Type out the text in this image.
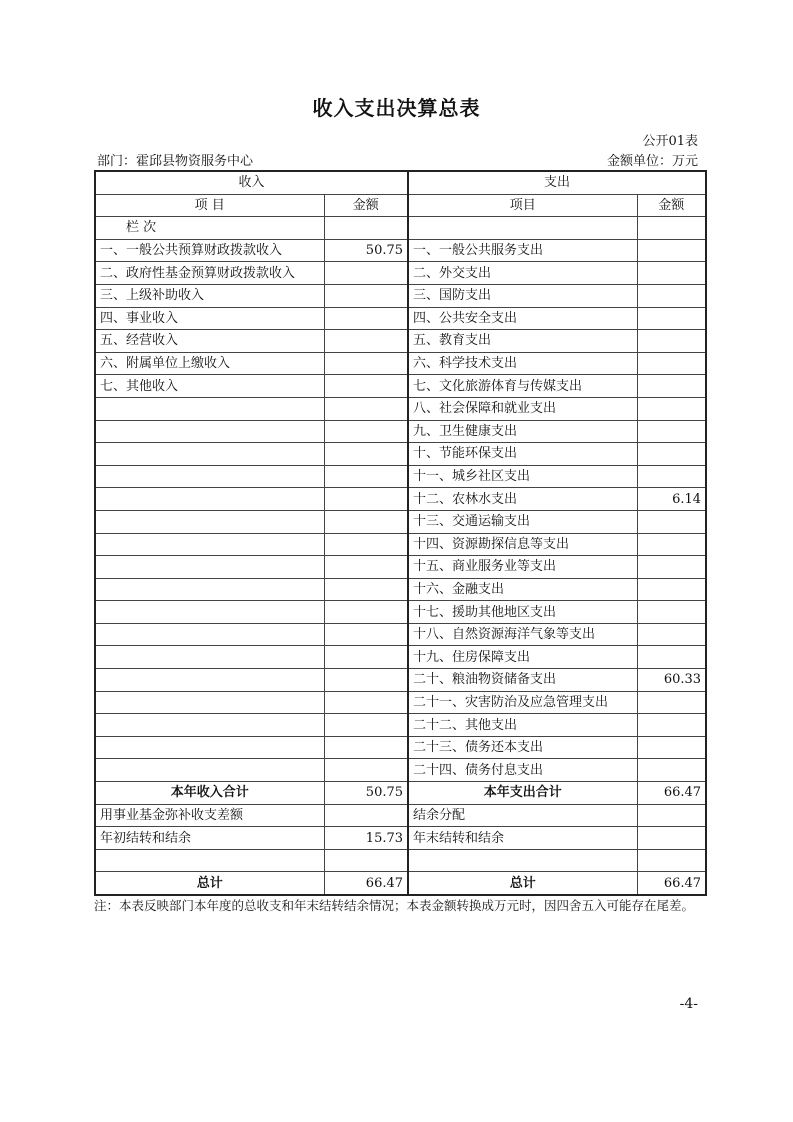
收入支出决算总表
公开01表
部门：霍邱县物资服务中心	金额单位：万元
收入		支出	
项 目	金额	项目	金额
栏 次			
一、一般公共预算财政拨款收入	50.75	一、一般公共服务支出	
二、政府性基金预算财政拨款收入		二、外交支出	
三、上级补助收入		三、国防支出	
四、事业收入		四、公共安全支出	
五、经营收入		五、教育支出	
六、附属单位上缴收入		六、科学技术支出	
七、其他收入		七、文化旅游体育与传媒支出	
		八、社会保障和就业支出	
		九、卫生健康支出	
		十、节能环保支出	
		十一、城乡社区支出	
		十二、农林水支出	6.14
		十三、交通运输支出	
		十四、资源勘探信息等支出	
		十五、商业服务业等支出	
		十六、金融支出	
		十七、援助其他地区支出	
		十八、自然资源海洋气象等支出	
		十九、住房保障支出	
		二十、粮油物资储备支出	60.33
		二十一、灾害防治及应急管理支出	
		二十二、其他支出	
		二十三、债务还本支出	
		二十四、债务付息支出	
本年收入合计	50.75	本年支出合计	66.47
用事业基金弥补收支差额		结余分配	
年初结转和结余	15.73	年末结转和结余	

总计	66.47	总计	66.47
注：本表反映部门本年度的总收支和年末结转结余情况；本表金额转换成万元时，因四舍五入可能存在尾差。
-4-
